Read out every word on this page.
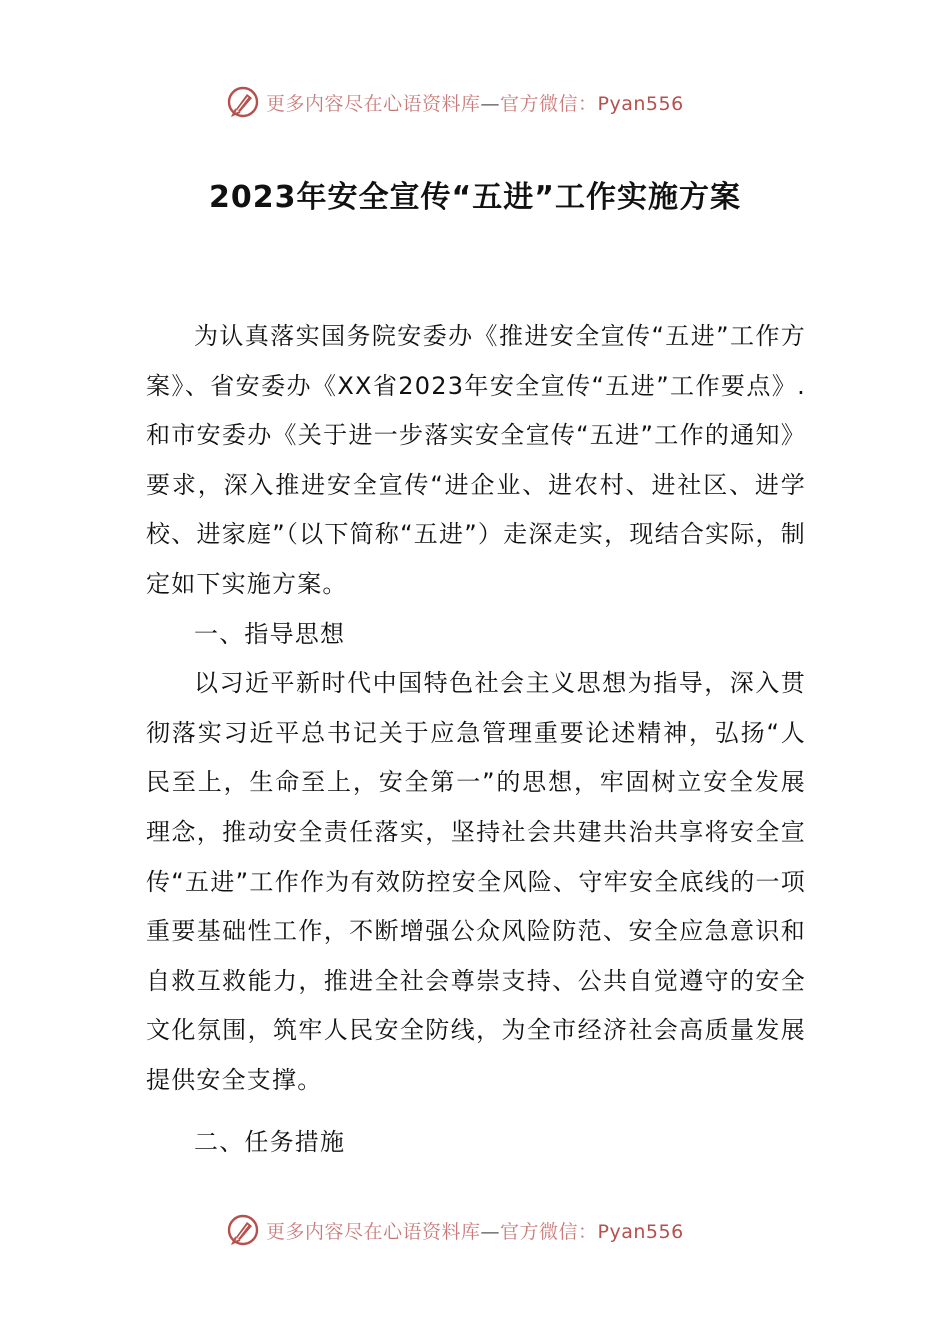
更多内容尽在心语资料库—官方微信：Pyan556
2023年安全宣传“五进”工作实施方案

为认真落实国务院安委办《推进安全宣传“五进”工作方案》、省安委办《XX省2023年安全宣传“五进”工作要点》.和市安委办《关于进一步落实安全宣传“五进”工作的通知》要求，深入推进安全宣传“进企业、进农村、进社区、进学校、进家庭”（以下简称“五进”）走深走实，现结合实际，制定如下实施方案。

一、指导思想

以习近平新时代中国特色社会主义思想为指导，深入贯彻落实习近平总书记关于应急管理重要论述精神，弘扬“人民至上，生命至上，安全第一”的思想，牢固树立安全发展理念，推动安全责任落实，坚持社会共建共治共享将安全宣传“五进”工作作为有效防控安全风险、守牢安全底线的一项重要基础性工作，不断增强公众风险防范、安全应急意识和自救互救能力，推进全社会尊崇支持、公共自觉遵守的安全文化氛围，筑牢人民安全防线，为全市经济社会高质量发展提供安全支撑。

二、任务措施

更多内容尽在心语资料库—官方微信：Pyan556
